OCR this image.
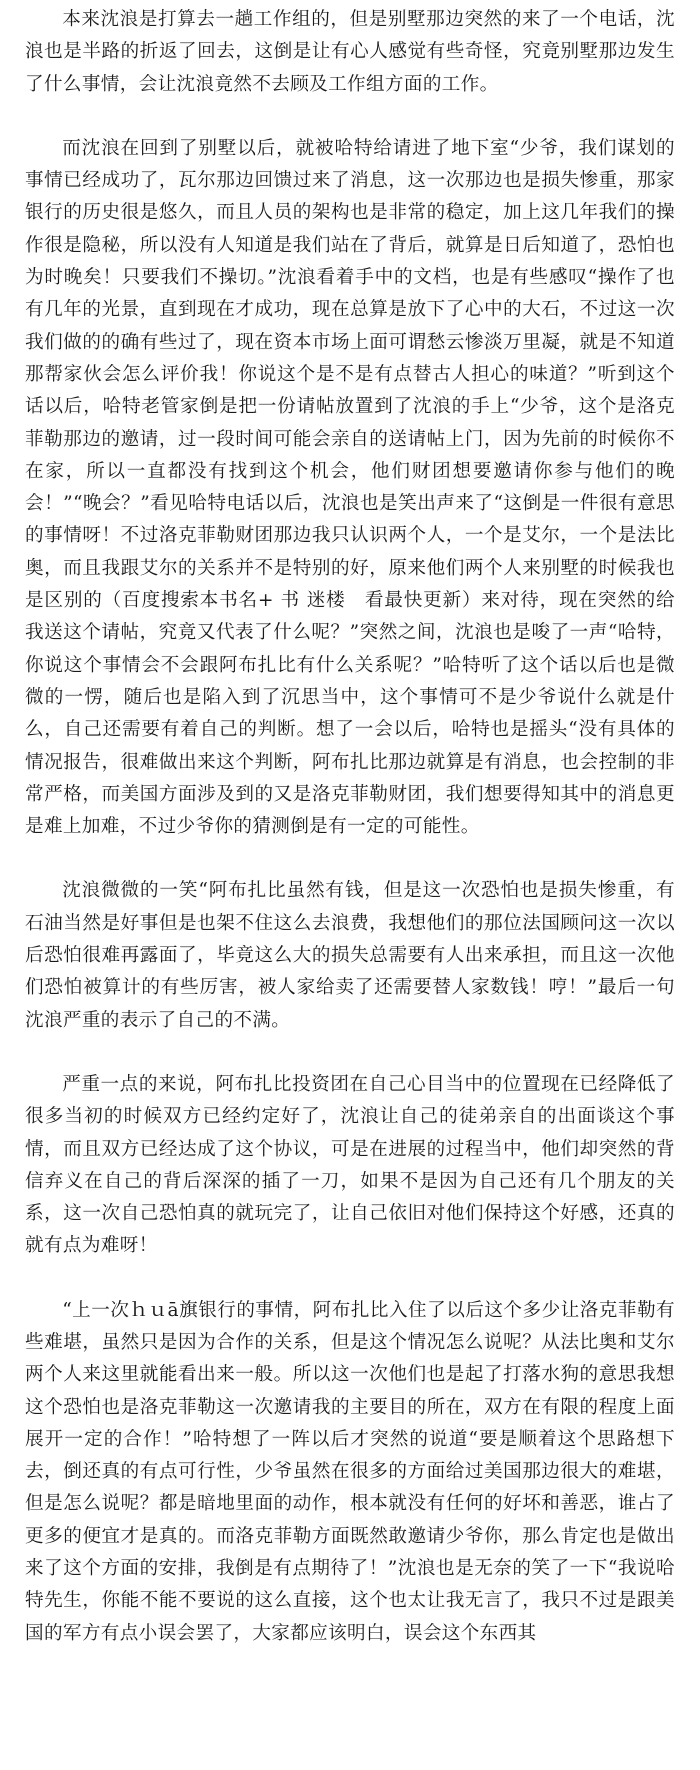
本来沈浪是打算去一趟工作组的，但是别墅那边突然的来了一个电话，沈浪也是半路的折返了回去，这倒是让有心人感觉有些奇怪，究竟别墅那边发生了什么事情，会让沈浪竟然不去顾及工作组方面的工作。

而沈浪在回到了别墅以后，就被哈特给请进了地下室“少爷，我们谋划的事情已经成功了，瓦尔那边回馈过来了消息，这一次那边也是损失惨重，那家银行的历史很是悠久，而且人员的架构也是非常的稳定，加上这几年我们的操作很是隐秘，所以没有人知道是我们站在了背后，就算是日后知道了，恐怕也为时晚矣！只要我们不操切。”沈浪看着手中的文档，也是有些感叹“操作了也有几年的光景，直到现在才成功，现在总算是放下了心中的大石，不过这一次我们做的的确有些过了，现在资本市场上面可谓愁云惨淡万里凝，就是不知道那帮家伙会怎么评价我！你说这个是不是有点替古人担心的味道？”听到这个话以后，哈特老管家倒是把一份请帖放置到了沈浪的手上“少爷，这个是洛克菲勒那边的邀请，过一段时间可能会亲自的送请帖上门，因为先前的时候你不在家，所以一直都没有找到这个机会，他们财团想要邀请你参与他们的晚会！”“晚会？”看见哈特电话以后，沈浪也是笑出声来了“这倒是一件很有意思的事情呀！不过洛克菲勒财团那边我只认识两个人，一个是艾尔，一个是法比奥，而且我跟艾尔的关系并不是特别的好，原来他们两个人来别墅的时候我也是区别的（百度搜索本书名+ 书 迷楼　看最快更新）来对待，现在突然的给我送这个请帖，究竟又代表了什么呢？”突然之间，沈浪也是唆了一声“哈特，你说这个事情会不会跟阿布扎比有什么关系呢？”哈特听了这个话以后也是微微的一愣，随后也是陷入到了沉思当中，这个事情可不是少爷说什么就是什么，自己还需要有着自己的判断。想了一会以后，哈特也是摇头“没有具体的情况报告，很难做出来这个判断，阿布扎比那边就算是有消息，也会控制的非常严格，而美国方面涉及到的又是洛克菲勒财团，我们想要得知其中的消息更是难上加难，不过少爷你的猜测倒是有一定的可能性。

沈浪微微的一笑“阿布扎比虽然有钱，但是这一次恐怕也是损失惨重，有石油当然是好事但是也架不住这么去浪费，我想他们的那位法国顾问这一次以后恐怕很难再露面了，毕竟这么大的损失总需要有人出来承担，而且这一次他们恐怕被算计的有些厉害，被人家给卖了还需要替人家数钱！哼！”最后一句沈浪严重的表示了自己的不满。

严重一点的来说，阿布扎比投资团在自己心目当中的位置现在已经降低了很多当初的时候双方已经约定好了，沈浪让自己的徒弟亲自的出面谈这个事情，而且双方已经达成了这个协议，可是在进展的过程当中，他们却突然的背信弃义在自己的背后深深的插了一刀，如果不是因为自己还有几个朋友的关系，这一次自己恐怕真的就玩完了，让自己依旧对他们保持这个好感，还真的就有点为难呀！

“上一次ｈｕā旗银行的事情，阿布扎比入住了以后这个多少让洛克菲勒有些难堪，虽然只是因为合作的关系，但是这个情况怎么说呢？从法比奥和艾尔两个人来这里就能看出来一般。所以这一次他们也是起了打落水狗的意思我想这个恐怕也是洛克菲勒这一次邀请我的主要目的所在，双方在有限的程度上面展开一定的合作！”哈特想了一阵以后才突然的说道“要是顺着这个思路想下去，倒还真的有点可行性，少爷虽然在很多的方面给过美国那边很大的难堪，但是怎么说呢？都是暗地里面的动作，根本就没有任何的好坏和善恶，谁占了更多的便宜才是真的。而洛克菲勒方面既然敢邀请少爷你，那么肯定也是做出来了这个方面的安排，我倒是有点期待了！”沈浪也是无奈的笑了一下“我说哈特先生，你能不能不要说的这么直接，这个也太让我无言了，我只不过是跟美国的军方有点小误会罢了，大家都应该明白，误会这个东西其
